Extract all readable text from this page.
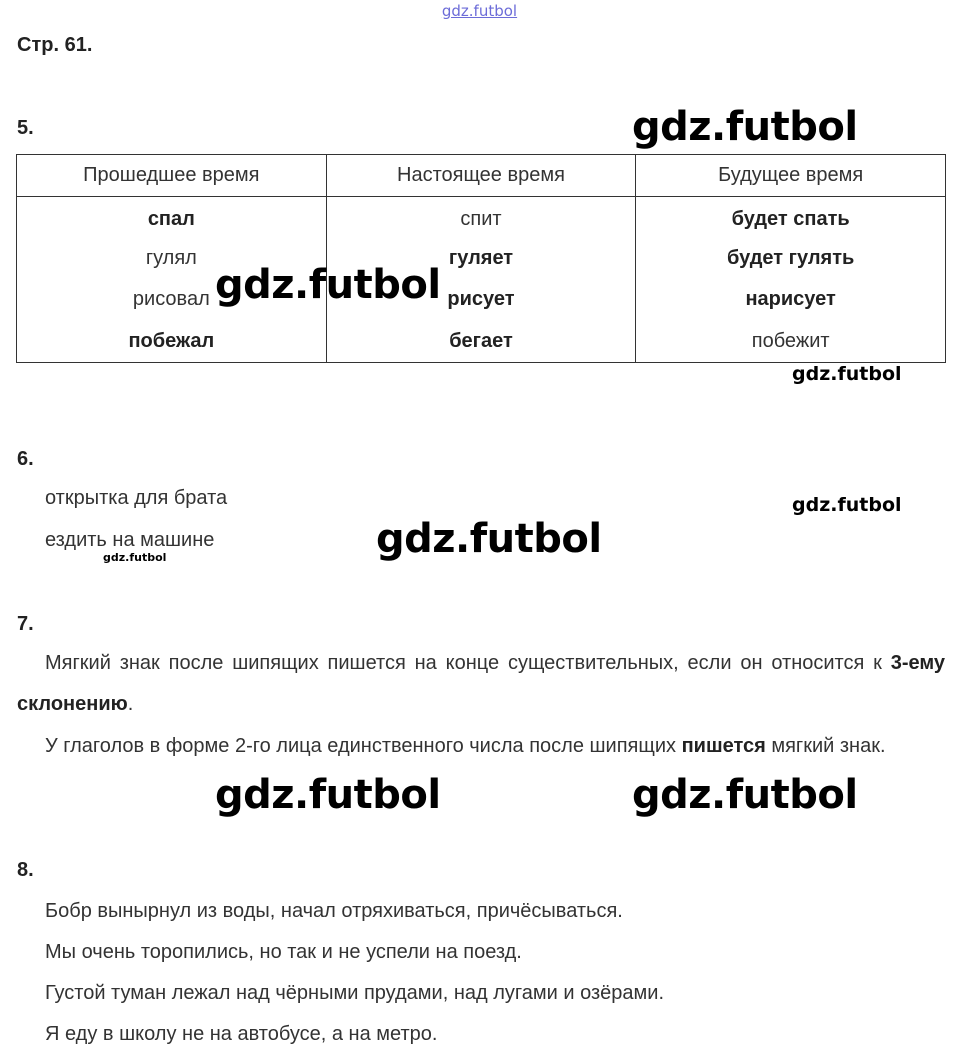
gdz.futbol
Стр. 61.
5.	gdz.futbol
Прошедшее время	Настоящее время	Будущее время
спал	спит	будет спать
гулял	гуляет	будет гулять
рисовал	рисует	нарисует
побежал	бегает	побежит
gdz.futbol
gdz.futbol
6.
открытка для брата
ездить на машине
gdz.futbol
gdz.futbol
gdz.futbol
7.
Мягкий знак после шипящих пишется на конце существительных, если он относится к 3-ему склонению.
У глаголов в форме 2-го лица единственного числа после шипящих пишется мягкий знак.
gdz.futbol	gdz.futbol
8.
Бобр вынырнул из воды, начал отряхиваться, причёсываться.
Мы очень торопились, но так и не успели на поезд.
Густой туман лежал над чёрными прудами, над лугами и озёрами.
Я еду в школу не на автобусе, а на метро.
